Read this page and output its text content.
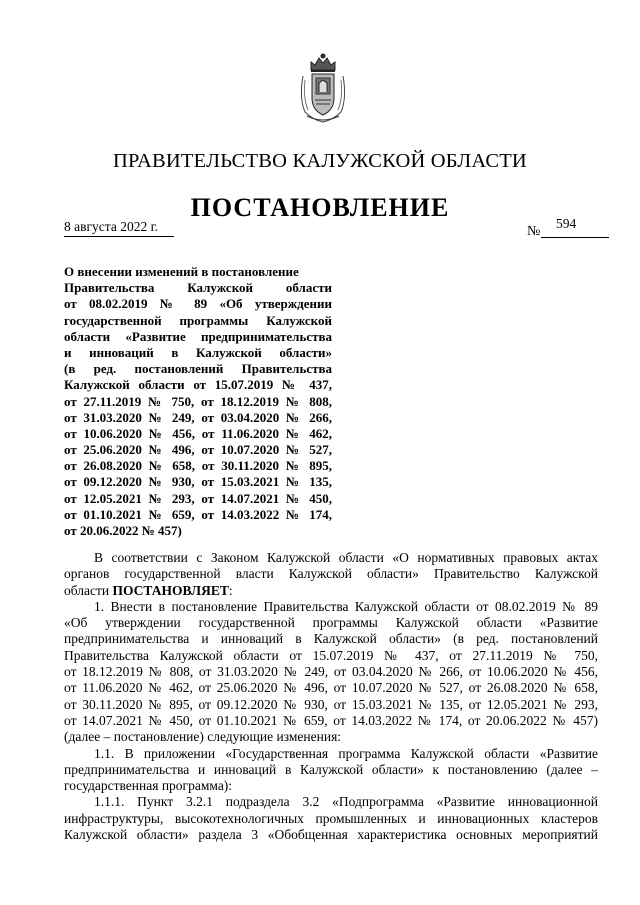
ПРАВИТЕЛЬСТВО КАЛУЖСКОЙ ОБЛАСТИ
ПОСТАНОВЛЕНИЕ
8 августа 2022 г.	№
594
О внесении изменений в постановление
Правительства Калужской области
от 08.02.2019 № 89 «Об утверждении
государственной программы Калужской
области «Развитие предпринимательства
и инноваций в Калужской области»
(в ред. постановлений Правительства
Калужской области от 15.07.2019 № 437,
от 27.11.2019 № 750, от 18.12.2019 № 808,
от 31.03.2020 № 249, от 03.04.2020 № 266,
от 10.06.2020 № 456, от 11.06.2020 № 462,
от 25.06.2020 № 496, от 10.07.2020 № 527,
от 26.08.2020 № 658, от 30.11.2020 № 895,
от 09.12.2020 № 930, от 15.03.2021 № 135,
от 12.05.2021 № 293, от 14.07.2021 № 450,
от 01.10.2021 № 659, от 14.03.2022 № 174,
от 20.06.2022 № 457)
В соответствии с Законом Калужской области «О нормативных правовых актах
органов государственной власти Калужской области» Правительство Калужской
области ПОСТАНОВЛЯЕТ:
1. Внести в постановление Правительства Калужской области от 08.02.2019 № 89
«Об утверждении государственной программы Калужской области «Развитие
предпринимательства и инноваций в Калужской области» (в ред. постановлений
Правительства Калужской области от 15.07.2019 № 437, от 27.11.2019 № 750,
от 18.12.2019 № 808, от 31.03.2020 № 249, от 03.04.2020 № 266, от 10.06.2020 № 456,
от 11.06.2020 № 462, от 25.06.2020 № 496, от 10.07.2020 № 527, от 26.08.2020 № 658,
от 30.11.2020 № 895, от 09.12.2020 № 930, от 15.03.2021 № 135, от 12.05.2021 № 293,
от 14.07.2021 № 450, от 01.10.2021 № 659, от 14.03.2022 № 174, от 20.06.2022 № 457)
(далее – постановление) следующие изменения:
1.1. В приложении «Государственная программа Калужской области «Развитие
предпринимательства и инноваций в Калужской области» к постановлению (далее –
государственная программа):
1.1.1. Пункт 3.2.1 подраздела 3.2 «Подпрограмма «Развитие инновационной
инфраструктуры, высокотехнологичных промышленных и инновационных кластеров
Калужской области» раздела 3 «Обобщенная характеристика основных мероприятий
